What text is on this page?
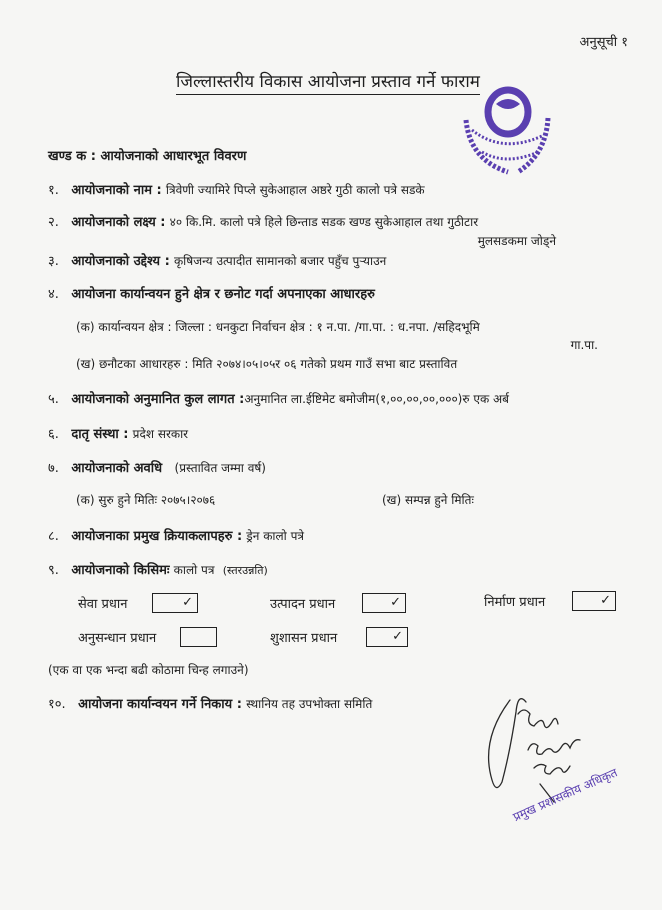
अनुसूची १
जिल्लास्तरीय विकास आयोजना प्रस्ताव गर्ने फाराम
खण्ड क : आयोजनाको आधारभूत विवरण
१. आयोजनाको नाम : त्रिवेणी ज्यामिरे पिप्ले सुकेआहाल अष्ठरे गुठी कालो पत्रे सडके
२. आयोजनाको लक्ष्य : ४० कि.मि. कालो पत्रे हिले छिन्ताड सडक खण्ड सुकेआहाल तथा गुठीटार
मुलसडकमा जोड्ने
३. आयोजनाको उद्देश्य : कृषिजन्य उत्पादीत सामानको बजार पहुँच पुऱ्याउन
४. आयोजना कार्यान्वयन हुने क्षेत्र र छनोट गर्दा अपनाएका आधारहरु
(क) कार्यान्वयन क्षेत्र : जिल्ला : धनकुटा निर्वाचन क्षेत्र : १ न.पा. /गा.पा. : ध.नपा. /सहिदभूमि
गा.पा.
(ख) छनौटका आधारहरु : मिति २०७४।०५।०५र ०६ गतेको प्रथम गाउँ सभा बाट प्रस्तावित
५. आयोजनाको अनुमानित कुल लागत :अनुमानित ला.ईष्टिमेट बमोजीम(१,००,००,००,०००)रु एक अर्ब
६. दातृ संस्था : प्रदेश सरकार
७. आयोजनाको अवधि (प्रस्तावित जम्मा वर्ष)
(क) सुरु हुने मितिः २०७५।२०७६	(ख) सम्पन्न हुने मितिः
८. आयोजनाका प्रमुख क्रियाकलापहरु : ड्रेन कालो पत्रे
९. आयोजनाको किसिमः कालो पत्र (स्तरउन्नति)
सेवा प्रधान	✓	उत्पादन प्रधान	✓	निर्माण प्रधान	✓
अनुसन्धान प्रधान	शुशासन प्रधान	✓
(एक वा एक भन्दा बढी कोठामा चिन्ह लगाउने)
१०. आयोजना कार्यान्वयन गर्ने निकाय : स्थानिय तह उपभोक्ता समिति
प्रमुख प्रशासकीय अधिकृत
